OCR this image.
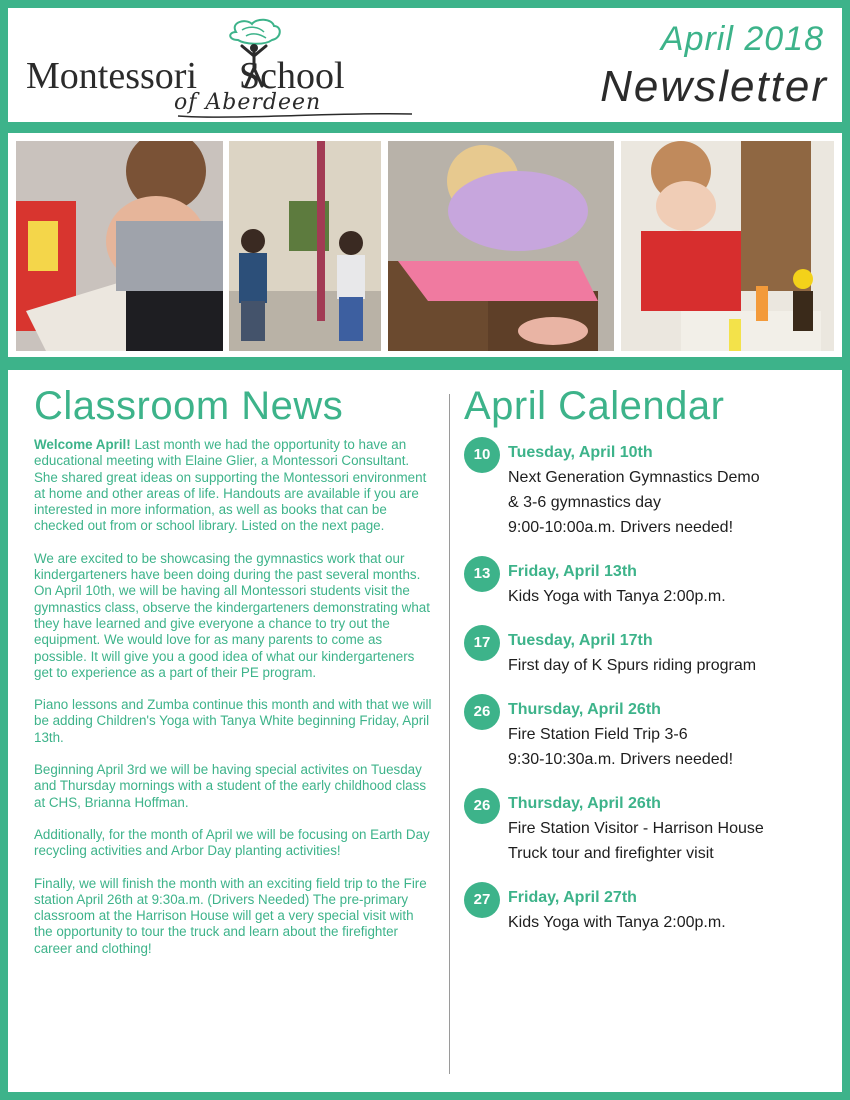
Montessori School
of Aberdeen
April 2018
Newsletter
Classroom News

Welcome April! Last month we had the opportunity to have an educational meeting with Elaine Glier, a Montessori Consultant. She shared great ideas on supporting the Montessori environment at home and other areas of life. Handouts are available if you are interested in more information, as well as books that can be checked out from or school library. Listed on the next page.

We are excited to be showcasing the gymnastics work that our kindergarteners have been doing during the past several months. On April 10th, we will be having all Montessori students visit the gymnastics class, observe the kindergarteners demonstrating what they have learned and give everyone a chance to try out the equipment. We would love for as many parents to come as possible. It will give you a good idea of what our kindergarteners get to experience as a part of their PE program.

Piano lessons and Zumba continue this month and with that we will be adding Children's Yoga with Tanya White beginning Friday, April 13th.

Beginning April 3rd we will be having special activites on Tuesday and Thursday mornings with a student of the early childhood class at CHS, Brianna Hoffman.

Additionally, for the month of April we will be focusing on Earth Day recycling activities and Arbor Day planting activities!

Finally, we will finish the month with an exciting field trip to the Fire station April 26th at 9:30a.m. (Drivers Needed) The pre-primary classroom at the Harrison House will get a very special visit with the opportunity to tour the truck and learn about the firefighter career and clothing!

April Calendar
10	Tuesday, April 10th
Next Generation Gymnastics Demo
& 3-6 gymnastics day
9:00-10:00a.m. Drivers needed!
13	Friday, April 13th
Kids Yoga with Tanya 2:00p.m.
17	Tuesday, April 17th
First day of K Spurs riding program
26	Thursday, April 26th
Fire Station Field Trip 3-6
9:30-10:30a.m. Drivers needed!
26	Thursday, April 26th
Fire Station Visitor - Harrison House
Truck tour and firefighter visit
27	Friday, April 27th
Kids Yoga with Tanya 2:00p.m.
